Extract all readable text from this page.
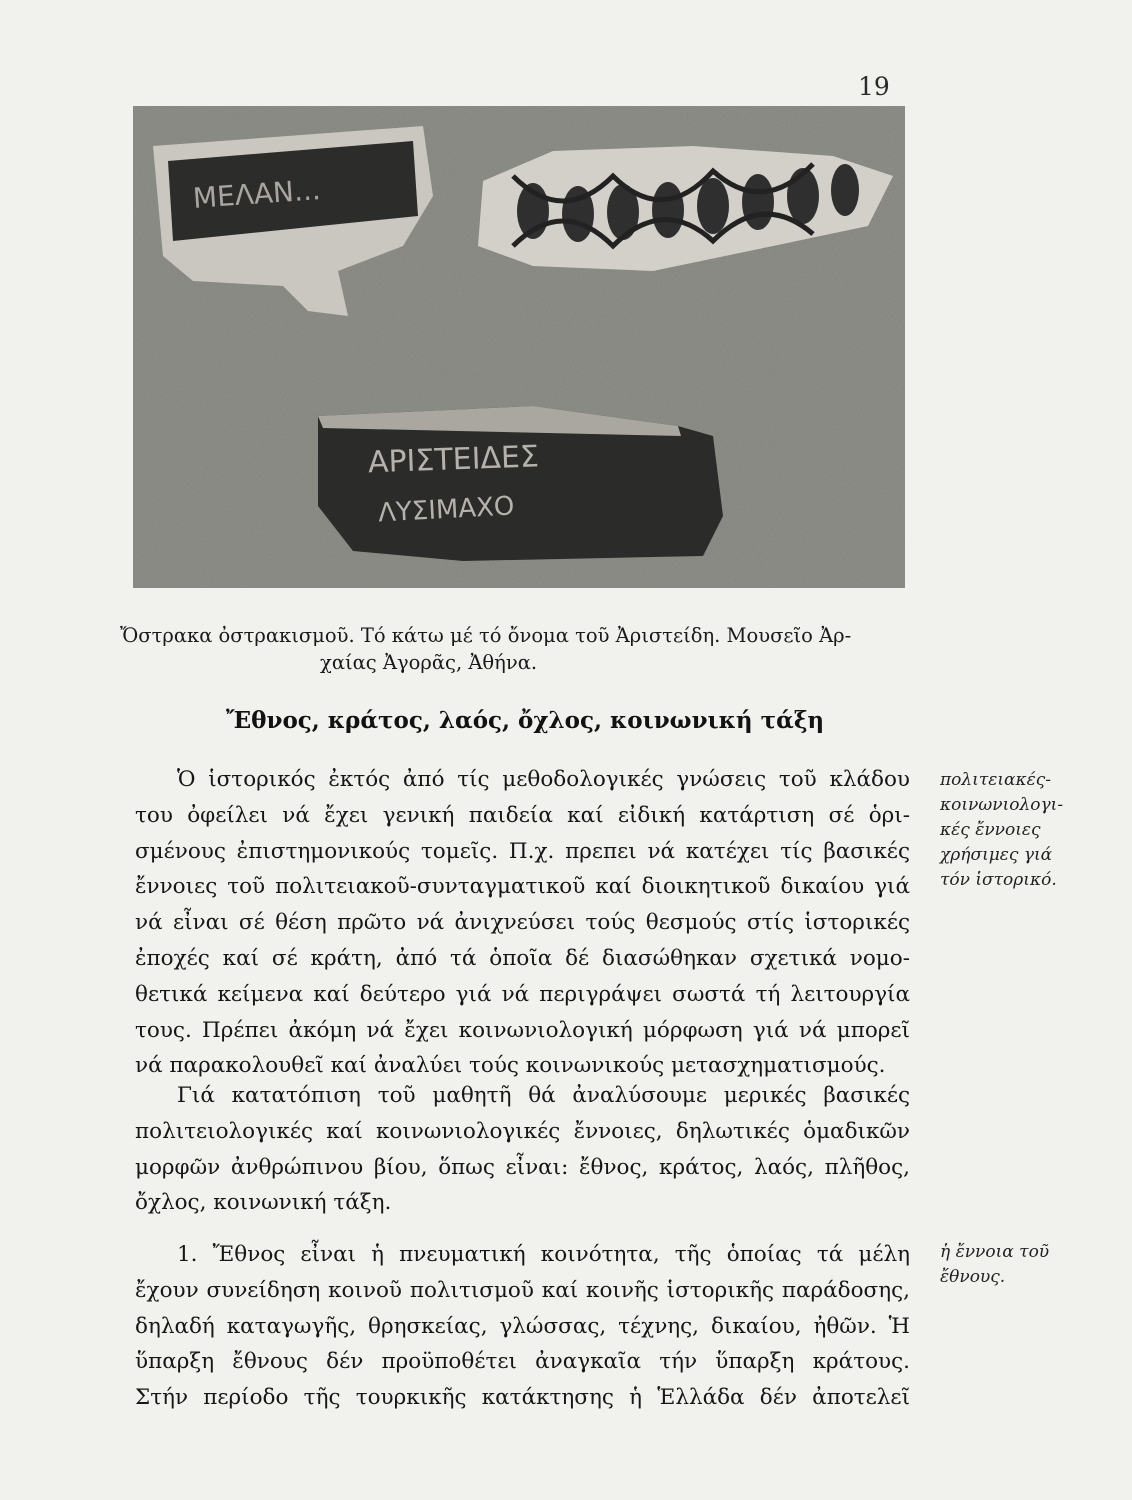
19
ΜΕΛΑΝ...
ΑΡΙΣΤΕΙΔΕΣ
ΛΥΣΙΜΑΧΟ
Ὄστρακα ὀστρακισμοῦ. Τό κάτω μέ τό ὄνομα τοῦ Ἀριστείδη. Μουσεῖο Ἀρ-
χαίας Ἀγορᾶς, Ἀθήνα.
Ἔθνος, κράτος, λαός, ὄχλος, κοινωνική τάξη
Ὁ ἱστορικός ἐκτός ἀπό τίς μεθοδολογικές γνώσεις τοῦ κλάδου
του ὀφείλει νά ἔχει γενική παιδεία καί εἰδική κατάρτιση σέ ὁρι-
σμένους ἐπιστημονικούς τομεῖς. Π.χ. πρεπει νά κατέχει τίς βασικές
ἔννοιες τοῦ πολιτειακοῦ-συνταγματικοῦ καί διοικητικοῦ δικαίου γιά
νά εἶναι σέ θέση πρῶτο νά ἀνιχνεύσει τούς θεσμούς στίς ἱστορικές
ἐποχές καί σέ κράτη, ἀπό τά ὁποῖα δέ διασώθηκαν σχετικά νομο-
θετικά κείμενα καί δεύτερο γιά νά περιγράψει σωστά τή λειτουργία
τους. Πρέπει ἀκόμη νά ἔχει κοινωνιολογική μόρφωση γιά νά μπορεῖ
νά παρακολουθεῖ καί ἀναλύει τούς κοινωνικούς μετασχηματισμούς.
Γιά κατατόπιση τοῦ μαθητῆ θά ἀναλύσουμε μερικές βασικές
πολιτειολογικές καί κοινωνιολογικές ἔννοιες, δηλωτικές ὁμαδικῶν
μορφῶν ἀνθρώπινου βίου, ὅπως εἶναι: ἔθνος, κράτος, λαός, πλῆθος,
ὄχλος, κοινωνική τάξη.
1. Ἔθνος εἶναι ἡ πνευματική κοινότητα, τῆς ὁποίας τά μέλη
ἔχουν συνείδηση κοινοῦ πολιτισμοῦ καί κοινῆς ἱστορικῆς παράδοσης,
δηλαδή καταγωγῆς, θρησκείας, γλώσσας, τέχνης, δικαίου, ἠθῶν. Ἡ
ὕπαρξη ἔθνους δέν προϋποθέτει ἀναγκαῖα τήν ὕπαρξη κράτους.
Στήν περίοδο τῆς τουρκικῆς κατάκτησης ἡ Ἑλλάδα δέν ἀποτελεῖ
πολιτειακές-
κοινωνιολογι-
κές ἔννοιες
χρήσιμες γιά
τόν ἱστορικό.
ἡ ἔννοια τοῦ
ἔθνους.
